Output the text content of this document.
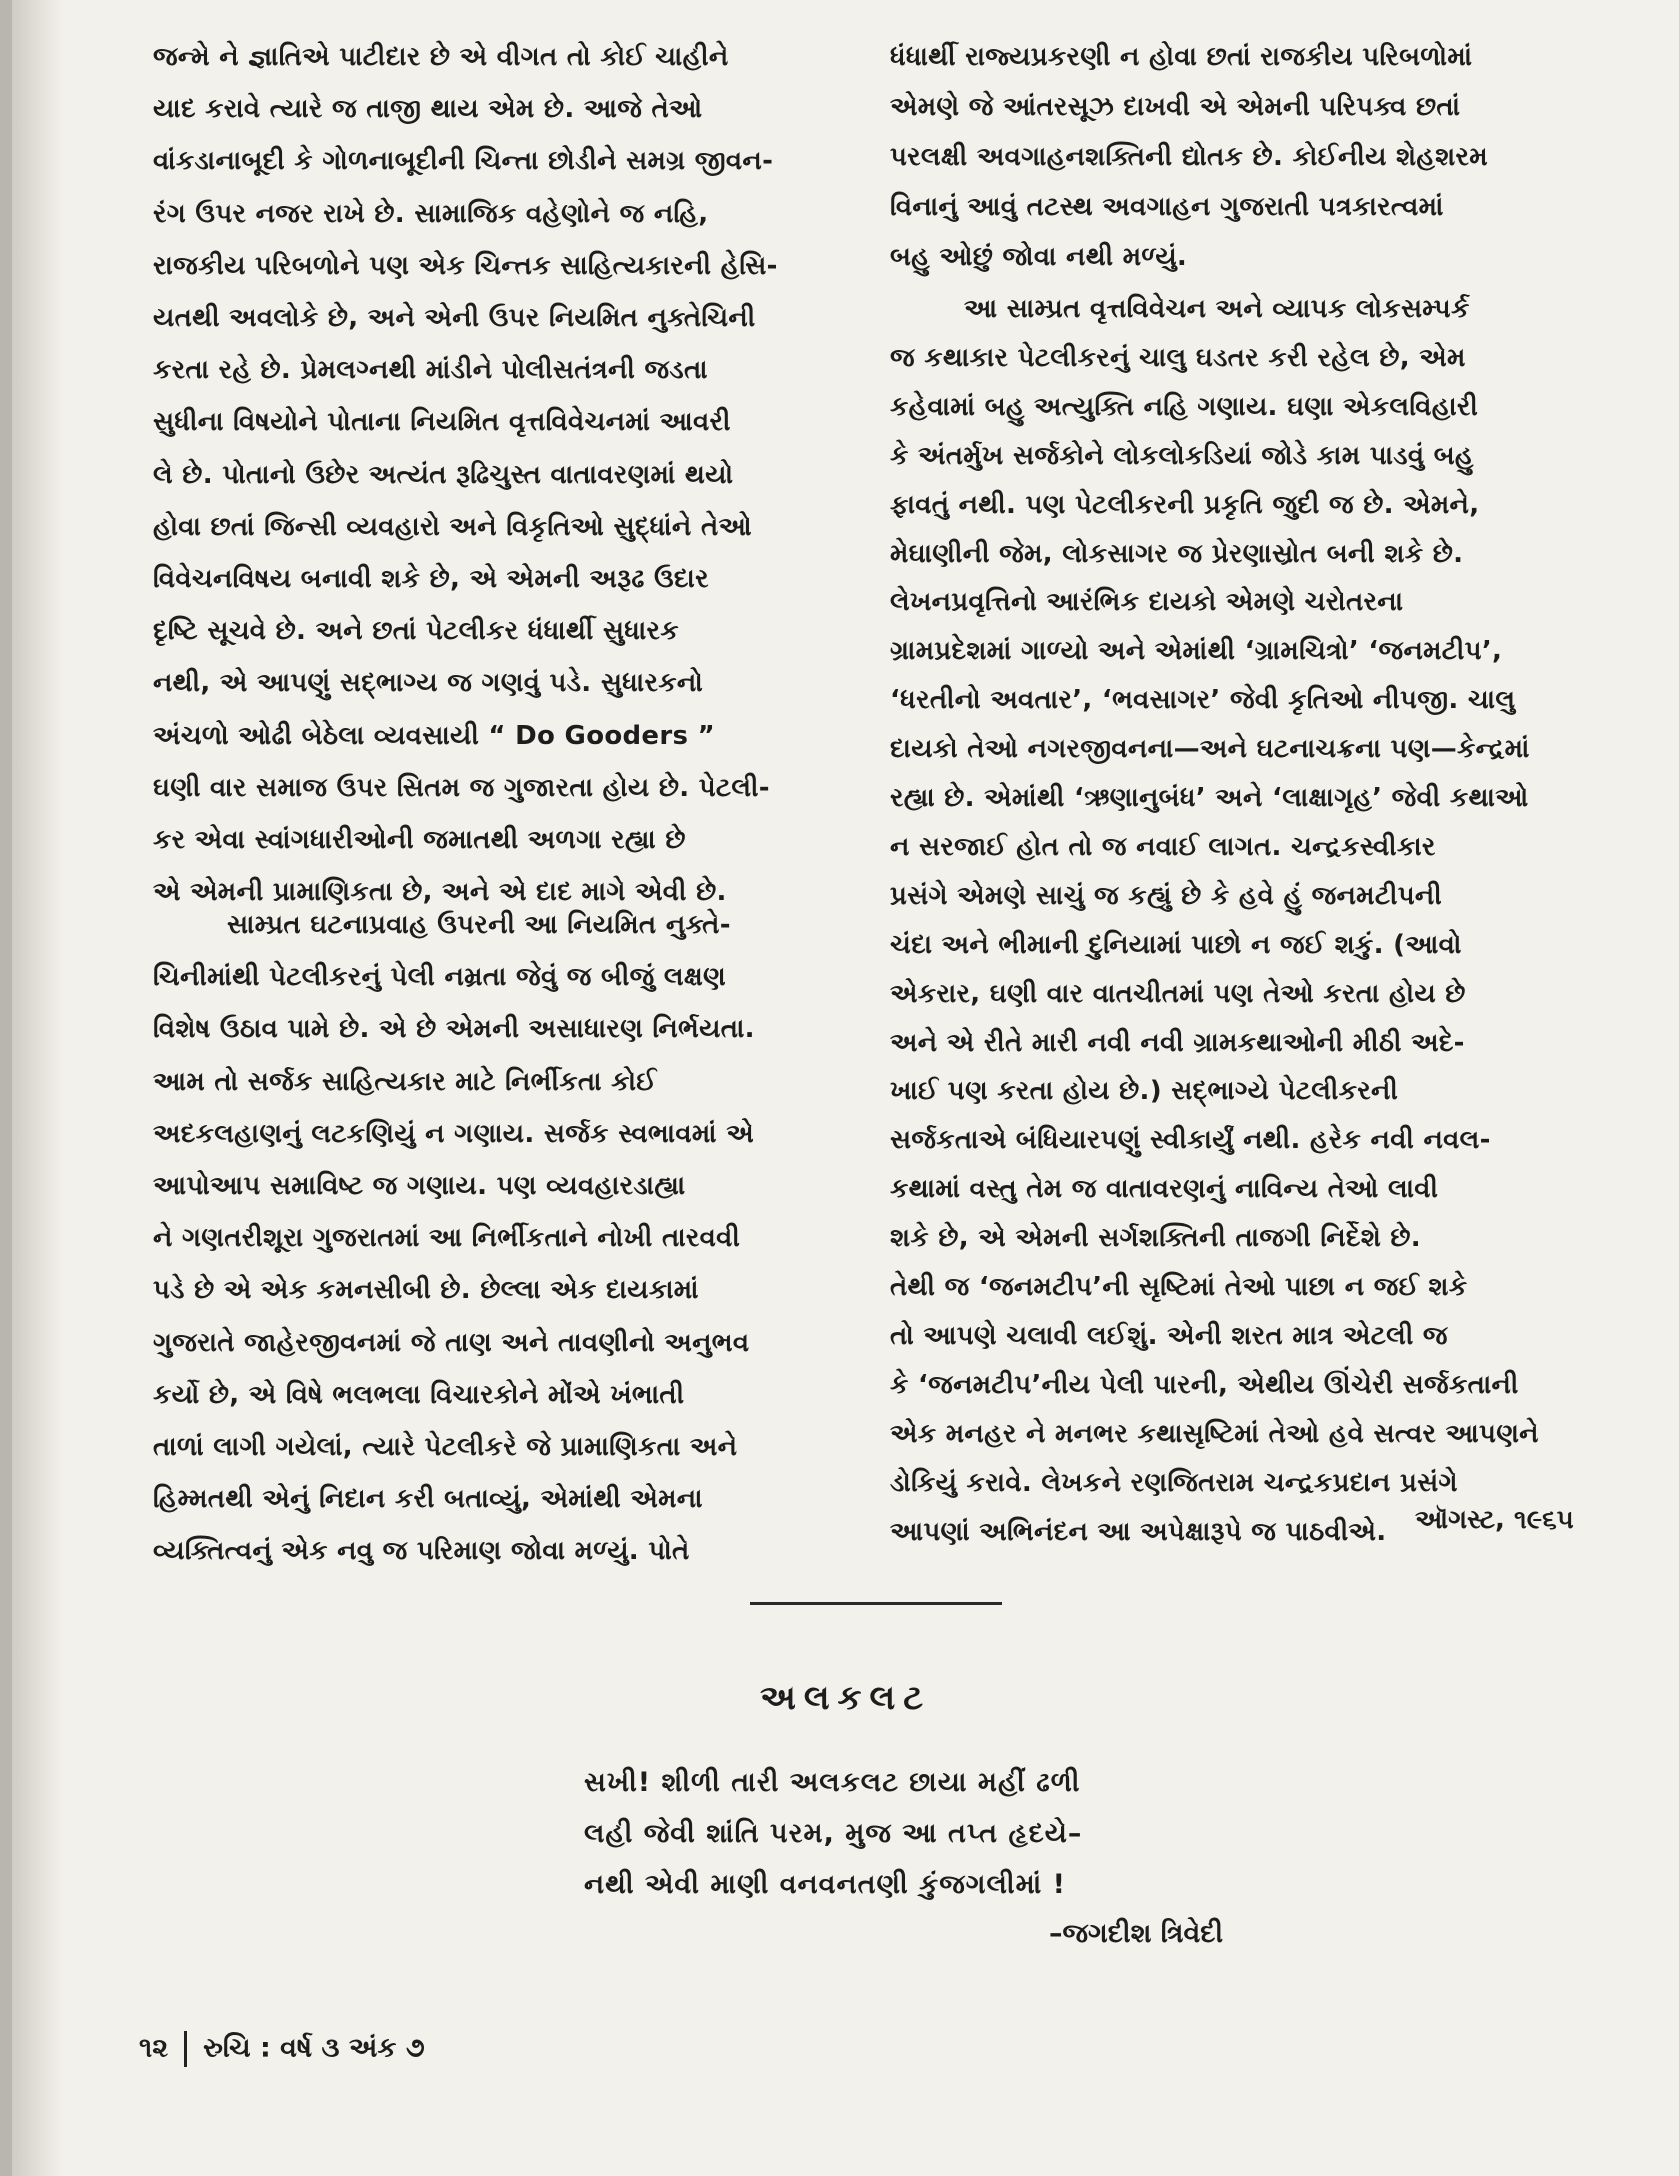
જન્મે ને જ્ઞાતિએ પાટીદાર છે એ વીગત તો કોઈ ચાહીને
યાદ કરાવે ત્યારે જ તાજી થાય એમ છે. આજે તેઓ
વાંકડાનાબૂદી કે ગોળનાબૂદીની ચિન્તા છોડીને સમગ્ર જીવન-
રંગ ઉપર નજર રાખે છે. સામાજિક વહેણોને જ નહિ,
રાજકીય પરિબળોને પણ એક ચિન્તક સાહિત્યકારની હેસિ-
યતથી અવલોકે છે, અને એની ઉપર નિયમિત નુક્તેચિની
કરતા રહે છે. પ્રેમલગ્નથી માંડીને પોલીસતંત્રની જડતા
સુધીના વિષયોને પોતાના નિયમિત વૃત્તવિવેચનમાં આવરી
લે છે. પોતાનો ઉછેર અત્યંત રૂઢિચુસ્ત વાતાવરણમાં થયો
હોવા છતાં જિન્સી વ્યવહારો અને વિકૃતિઓ સુદ્ધાંને તેઓ
વિવેચનવિષય બનાવી શકે છે, એ એમની અરૂઢ ઉદાર
દૃષ્ટિ સૂચવે છે. અને છતાં પેટલીકર ધંધાર્થી સુધારક
નથી, એ આપણું સદ્ભાગ્ય જ ગણવું પડે. સુધારકનો
અંચળો ઓઢી બેઠેલા વ્યવસાયી “ Do Gooders ”
ઘણી વાર સમાજ ઉપર સિતમ જ ગુજારતા હોય છે. પેટલી-
કર એવા સ્વાંગધારીઓની જમાતથી અળગા રહ્યા છે
એ એમની પ્રામાણિકતા છે, અને એ દાદ માગે એવી છે.
સામ્પ્રત ઘટનાપ્રવાહ ઉપરની આ નિયમિત નુક્તે-
ચિનીમાંથી પેટલીકરનું પેલી નમ્રતા જેવું જ બીજું લક્ષણ
વિશેષ ઉઠાવ પામે છે. એ છે એમની અસાધારણ નિર્ભયતા.
આમ તો સર્જક સાહિત્યકાર માટે નિર્ભીકતા કોઈ
અદકલહાણનું લટકણિયું ન ગણાય. સર્જક સ્વભાવમાં એ
આપોઆપ સમાવિષ્ટ જ ગણાય. પણ વ્યવહારડાહ્યા
ને ગણતરીશૂરા ગુજરાતમાં આ નિર્ભીકતાને નોખી તારવવી
પડે છે એ એક કમનસીબી છે. છેલ્લા એક દાયકામાં
ગુજરાતે જાહેરજીવનમાં જે તાણ અને તાવણીનો અનુભવ
કર્યો છે, એ વિષે ભલભલા વિચારકોને મોંએ ખંભાતી
તાળાં લાગી ગયેલાં, ત્યારે પેટલીકરે જે પ્રામાણિકતા અને
હિમ્મતથી એનું નિદાન કરી બતાવ્યું, એમાંથી એમના
વ્યક્તિત્વનું એક નવુ જ પરિમાણ જોવા મળ્યું. પોતે
ધંધાર્થી રાજ્યપ્રકરણી ન હોવા છતાં રાજકીય પરિબળોમાં
એમણે જે આંતરસૂઝ દાખવી એ એમની પરિપક્વ છતાં
પરલક્ષી અવગાહનશક્તિની દ્યોતક છે. કોઈનીય શેહશરમ
વિનાનું આવું તટસ્થ અવગાહન ગુજરાતી પત્રકારત્વમાં
બહુ ઓછું જોવા નથી મળ્યું.
આ સામ્પ્રત વૃત્તવિવેચન અને વ્યાપક લોકસમ્પર્ક
જ કથાકાર પેટલીકરનું ચાલુ ઘડતર કરી રહેલ છે, એમ
કહેવામાં બહુ અત્યુક્તિ નહિ ગણાય. ઘણા એકલવિહારી
કે અંતર્મુખ સર્જકોને લોકલોકડિયાં જોડે કામ પાડવું બહુ
ફાવતું નથી. પણ પેટલીકરની પ્રકૃતિ જુદી જ છે. એમને,
મેઘાણીની જેમ, લોકસાગર જ પ્રેરણાસ્રોત બની શકે છે.
લેખનપ્રવૃત્તિનો આરંભિક દાયકો એમણે ચરોતરના
ગ્રામપ્રદેશમાં ગાળ્યો અને એમાંથી ‘ગ્રામચિત્રો’ ‘જનમટીપ’,
‘ધરતીનો અવતાર’, ‘ભવસાગર’ જેવી કૃતિઓ નીપજી. ચાલુ
દાયકો તેઓ નગરજીવનના—અને ઘટનાચક્રના પણ—કેન્દ્રમાં
રહ્યા છે. એમાંથી ‘ઋણાનુબંધ’ અને ‘લાક્ષાગૃહ’ જેવી કથાઓ
ન સરજાઈ હોત તો જ નવાઈ લાગત. ચન્દ્રકસ્વીકાર
પ્રસંગે એમણે સાચું જ કહ્યું છે કે હવે હું જનમટીપની
ચંદા અને ભીમાની દુનિયામાં પાછો ન જઈ શકું. (આવો
એકરાર, ઘણી વાર વાતચીતમાં પણ તેઓ કરતા હોય છે
અને એ રીતે મારી નવી નવી ગ્રામકથાઓની મીઠી અદે-
ખાઈ પણ કરતા હોય છે.) સદ્ભાગ્યે પેટલીકરની
સર્જકતાએ બંધિયારપણું સ્વીકાર્યું નથી. હરેક નવી નવલ-
કથામાં વસ્તુ તેમ જ વાતાવરણનું નાવિન્ય તેઓ લાવી
શકે છે, એ એમની સર્ગશક્તિની તાજગી નિર્દેશે છે.
તેથી જ ‘જનમટીપ’ની સૃષ્ટિમાં તેઓ પાછા ન જઈ શકે
તો આપણે ચલાવી લઈશું. એની શરત માત્ર એટલી જ
કે ‘જનમટીપ’નીય પેલી પારની, એથીય ઊંચેરી સર્જકતાની
એક મનહર ને મનભર કથાસૃષ્ટિમાં તેઓ હવે સત્વર આપણને
ડોકિયું કરાવે. લેખકને રણજિતરામ ચન્દ્રકપ્રદાન પ્રસંગે
આપણાં અભિનંદન આ અપેક્ષારૂપે જ પાઠવીએ. ઑગસ્ટ, ૧૯૬૫
અલકલટ
સખી! શીળી તારી અલકલટ છાયા મહીં ઢળી
લહી જેવી શાંતિ પરમ, મુજ આ તપ્ત હૃદયે–
નથી એવી માણી વનવનતણી કુંજગલીમાં !
–જગદીશ ત્રિવેદી
૧૨ રુચિ : વર્ષ ૩ અંક ૭
